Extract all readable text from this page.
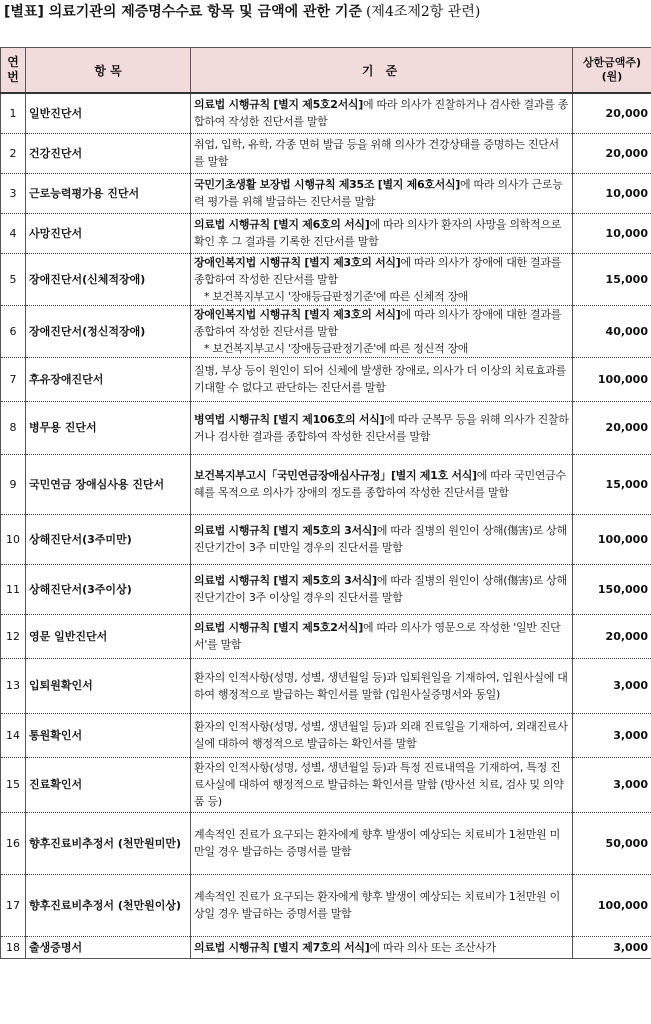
[별표] 의료기관의 제증명수수료 항목 및 금액에 관한 기준 (제4조제2항 관련)
연
번	항 목	기 준	상한금액주)
(원)
1	일반진단서	의료법 시행규칙 [별지 제5호2서식]에 따라 의사가 진찰하거나 검사한 결과를 종합하여 작성한 진단서를 말함	20,000
2	건강진단서	취업, 입학, 유학, 각종 면허 발급 등을 위해 의사가 건강상태를 증명하는 진단서를 말함	20,000
3	근로능력평가용 진단서	국민기초생활 보장법 시행규칙 제35조 [별지 제6호서식]에 따라 의사가 근로능력 평가를 위해 발급하는 진단서를 말함	10,000
4	사망진단서	의료법 시행규칙 [별지 제6호의 서식]에 따라 의사가 환자의 사망을 의학적으로 확인 후 그 결과를 기록한 진단서를 말함	10,000
5	장애진단서(신체적장애)	장애인복지법 시행규칙 [별지 제3호의 서식]에 따라 의사가 장애에 대한 결과를 종합하여 작성한 진단서를 말함
* 보건복지부고시 '장애등급판정기준'에 따른 신체적 장애	15,000
6	장애진단서(정신적장애)	장애인복지법 시행규칙 [별지 제3호의 서식]에 따라 의사가 장애에 대한 결과를 종합하여 작성한 진단서를 말함
* 보건복지부고시 '장애등급판정기준'에 따른 정신적 장애	40,000
7	후유장애진단서	질병, 부상 등이 원인이 되어 신체에 발생한 장애로, 의사가 더 이상의 치료효과를 기대할 수 없다고 판단하는 진단서를 말함	100,000
8	병무용 진단서	병역법 시행규칙 [별지 제106호의 서식]에 따라 군복무 등을 위해 의사가 진찰하거나 검사한 결과를 종합하여 작성한 진단서를 말함	20,000
9	국민연금 장애심사용 진단서	보건복지부고시「국민연금장애심사규정」[별지 제1호 서식]에 따라 국민연금수혜를 목적으로 의사가 장애의 정도를 종합하여 작성한 진단서를 말함	15,000
10	상해진단서(3주미만)	의료법 시행규칙 [별지 제5호의 3서식]에 따라 질병의 원인이 상해(傷害)로 상해진단기간이 3주 미만일 경우의 진단서를 말함	100,000
11	상해진단서(3주이상)	의료법 시행규칙 [별지 제5호의 3서식]에 따라 질병의 원인이 상해(傷害)로 상해진단기간이 3주 이상일 경우의 진단서를 말함	150,000
12	영문 일반진단서	의료법 시행규칙 [별지 제5호2서식]에 따라 의사가 영문으로 작성한 '일반 진단서'를 말함	20,000
13	입퇴원확인서	환자의 인적사항(성명, 성별, 생년월일 등)과 입퇴원일을 기재하여, 입원사실에 대하여 행정적으로 발급하는 확인서를 말함 (입원사실증명서와 동일)	3,000
14	통원확인서	환자의 인적사항(성명, 성별, 생년월일 등)과 외래 진료일을 기재하여, 외래진료사실에 대하여 행정적으로 발급하는 확인서를 말함	3,000
15	진료확인서	환자의 인적사항(성명, 성별, 생년월일 등)과 특정 진료내역을 기재하여, 특정 진료사실에 대하여 행정적으로 발급하는 확인서를 말함 (방사선 치료, 검사 및 의약품 등)	3,000
16	향후진료비추정서 (천만원미만)	계속적인 진료가 요구되는 환자에게 향후 발생이 예상되는 치료비가 1천만원 미만일 경우 발급하는 증명서를 말함	50,000
17	향후진료비추정서 (천만원이상)	계속적인 진료가 요구되는 환자에게 향후 발생이 예상되는 치료비가 1천만원 이상일 경우 발급하는 증명서를 말함	100,000
18	출생증명서	의료법 시행규칙 [별지 제7호의 서식]에 따라 의사 또는 조산사가	3,000
